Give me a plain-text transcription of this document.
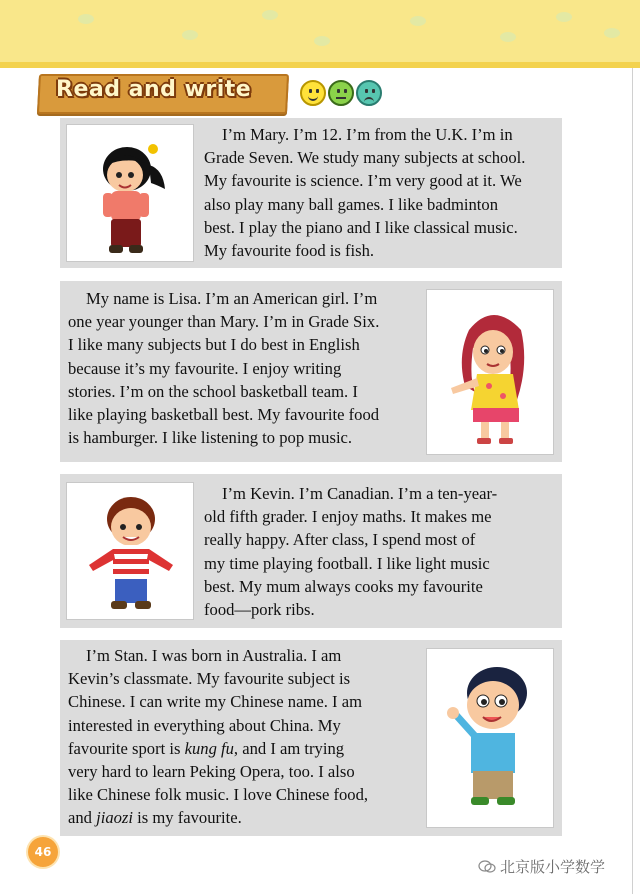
Read and write
I’m Mary. I’m 12. I’m from the U.K. I’m in
Grade Seven. We study many subjects at school.
My favourite is science. I’m very good at it. We
also play many ball games. I like badminton
best. I play the piano and I like classical music.
My favourite food is fish.
My name is Lisa. I’m an American girl. I’m
one year younger than Mary. I’m in Grade Six.
I like many subjects but I do best in English
because it’s my favourite. I enjoy writing
stories. I’m on the school basketball team. I
like playing basketball best. My favourite food
is hamburger. I like listening to pop music.
I’m Kevin. I’m Canadian. I’m a ten-year-
old fifth grader. I enjoy maths. It makes me
really happy. After class, I spend most of
my time playing football. I like light music
best. My mum always cooks my favourite
food—pork ribs.
I’m Stan. I was born in Australia. I am
Kevin’s classmate. My favourite subject is
Chinese. I can write my Chinese name. I am
interested in everything about China. My
favourite sport is kung fu, and I am trying
very hard to learn Peking Opera, too. I also
like Chinese folk music. I love Chinese food,
and jiaozi is my favourite.
46
北京版小学数学
